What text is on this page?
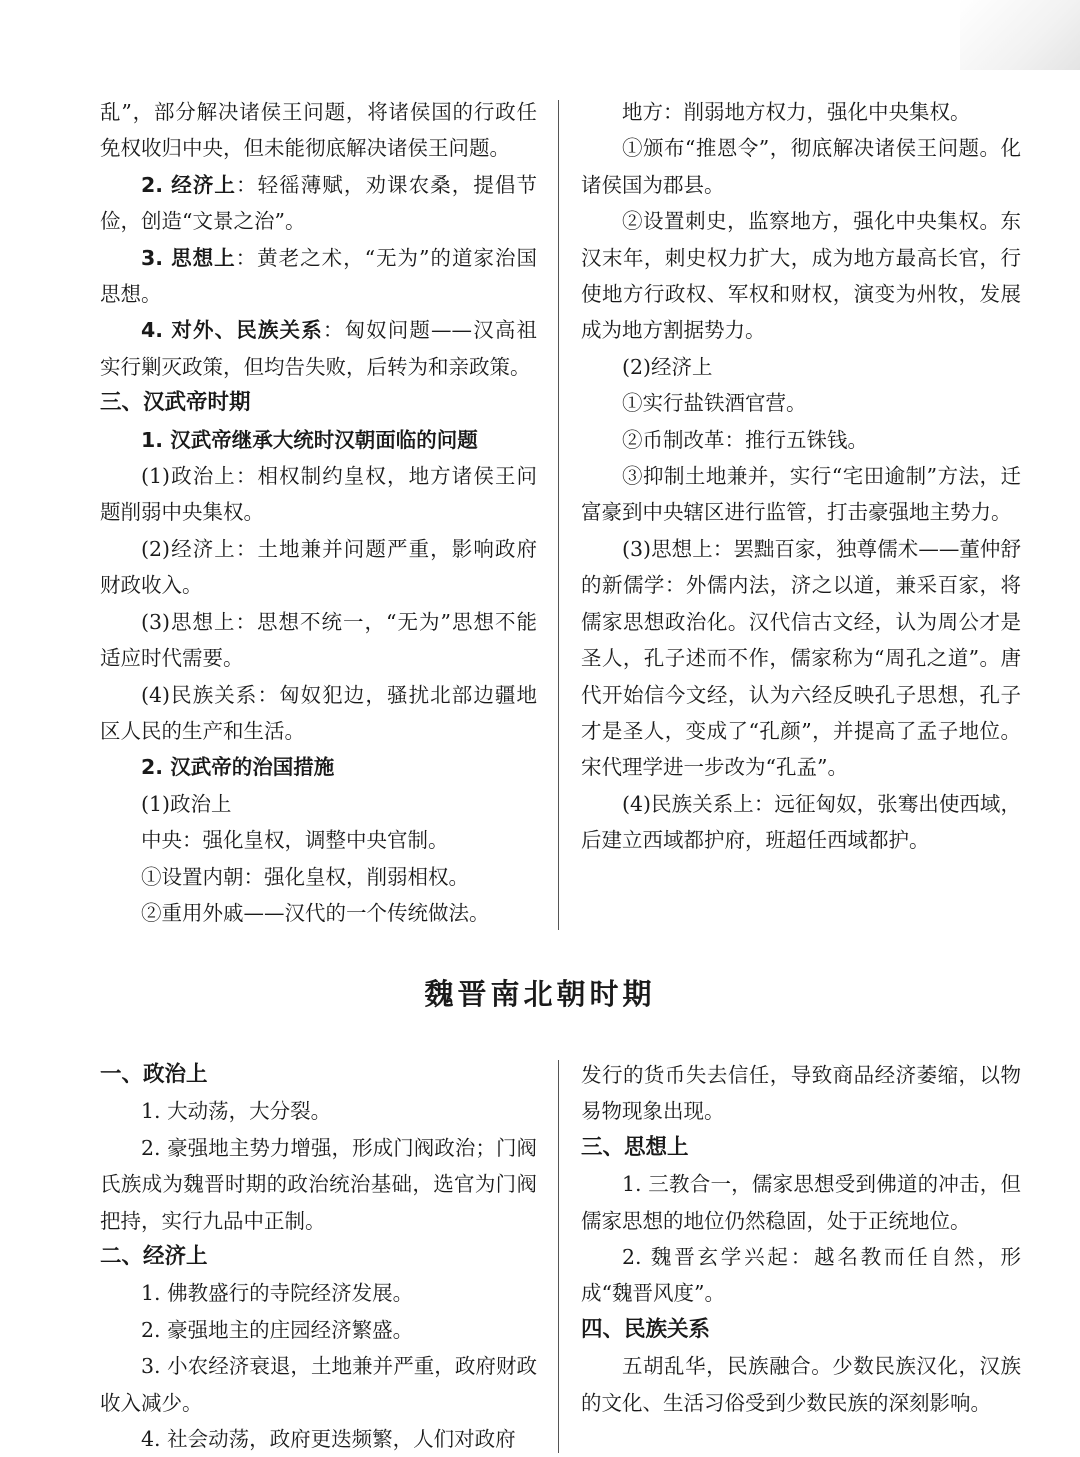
乱”，部分解决诸侯王问题，将诸侯国的行政任免权收归中央，但未能彻底解决诸侯王问题。

2. 经济上：轻徭薄赋，劝课农桑，提倡节俭，创造“文景之治”。

3. 思想上：黄老之术，“无为”的道家治国思想。

4. 对外、民族关系：匈奴问题——汉高祖实行剿灭政策，但均告失败，后转为和亲政策。

三、汉武帝时期

1. 汉武帝继承大统时汉朝面临的问题

(1)政治上：相权制约皇权，地方诸侯王问题削弱中央集权。

(2)经济上：土地兼并问题严重，影响政府财政收入。

(3)思想上：思想不统一，“无为”思想不能适应时代需要。

(4)民族关系：匈奴犯边，骚扰北部边疆地区人民的生产和生活。

2. 汉武帝的治国措施

(1)政治上

中央：强化皇权，调整中央官制。

①设置内朝：强化皇权，削弱相权。

②重用外戚——汉代的一个传统做法。

地方：削弱地方权力，强化中央集权。

①颁布“推恩令”，彻底解决诸侯王问题。化诸侯国为郡县。

②设置刺史，监察地方，强化中央集权。东汉末年，刺史权力扩大，成为地方最高长官，行使地方行政权、军权和财权，演变为州牧，发展成为地方割据势力。

(2)经济上

①实行盐铁酒官营。

②币制改革：推行五铢钱。

③抑制土地兼并，实行“宅田逾制”方法，迁富豪到中央辖区进行监管，打击豪强地主势力。

(3)思想上：罢黜百家，独尊儒术——董仲舒的新儒学：外儒内法，济之以道，兼采百家，将儒家思想政治化。汉代信古文经，认为周公才是圣人，孔子述而不作，儒家称为“周孔之道”。唐代开始信今文经，认为六经反映孔子思想，孔子才是圣人，变成了“孔颜”，并提高了孟子地位。宋代理学进一步改为“孔孟”。

(4)民族关系上：远征匈奴，张骞出使西域，后建立西域都护府，班超任西域都护。

魏晋南北朝时期

一、政治上

1. 大动荡，大分裂。

2. 豪强地主势力增强，形成门阀政治；门阀氏族成为魏晋时期的政治统治基础，选官为门阀把持，实行九品中正制。

二、经济上

1. 佛教盛行的寺院经济发展。

2. 豪强地主的庄园经济繁盛。

3. 小农经济衰退，土地兼并严重，政府财政收入减少。

4. 社会动荡，政府更迭频繁，人们对政府

发行的货币失去信任，导致商品经济萎缩，以物易物现象出现。

三、思想上

1. 三教合一，儒家思想受到佛道的冲击，但儒家思想的地位仍然稳固，处于正统地位。

2. 魏晋玄学兴起：越名教而任自然，形成“魏晋风度”。

四、民族关系

五胡乱华，民族融合。少数民族汉化，汉族的文化、生活习俗受到少数民族的深刻影响。
